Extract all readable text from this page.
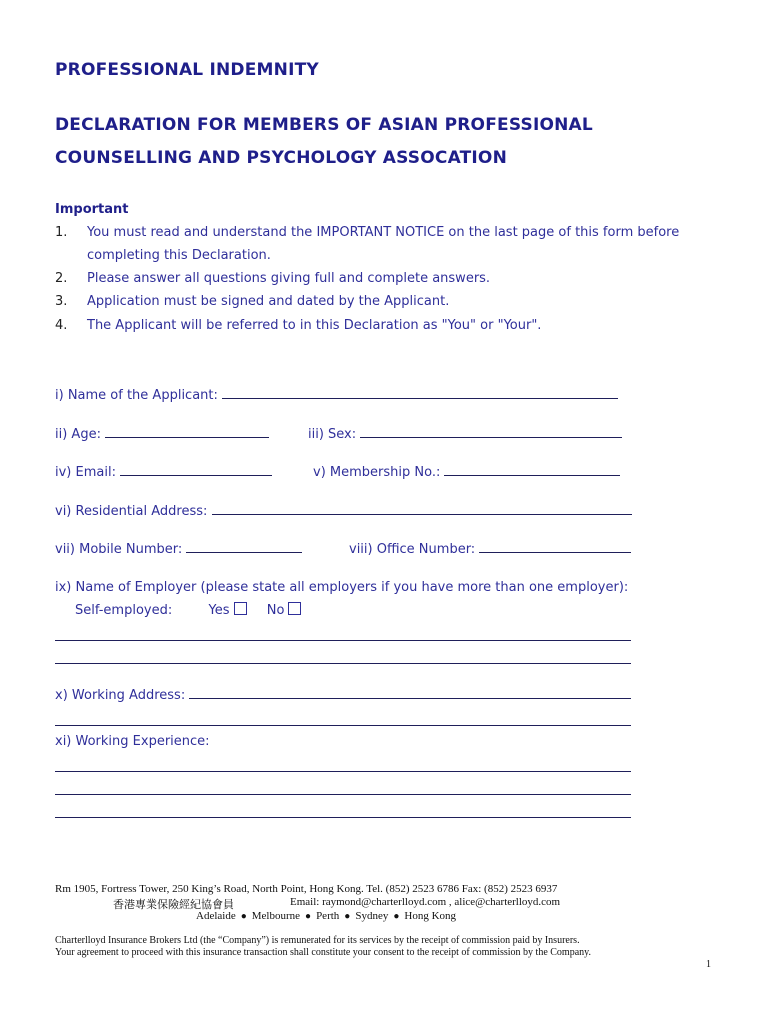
PROFESSIONAL INDEMNITY
DECLARATION FOR MEMBERS OF ASIAN PROFESSIONAL
COUNSELLING AND PSYCHOLOGY ASSOCATION
Important
1. You must read and understand the IMPORTANT NOTICE on the last page of this form before
completing this Declaration.
2. Please answer all questions giving full and complete answers.
3. Application must be signed and dated by the Applicant.
4. The Applicant will be referred to in this Declaration as "You" or "Your".
i) Name of the Applicant:
ii) Age:	iii) Sex:
iv) Email:	v) Membership No.:
vi) Residential Address:
vii) Mobile Number:	viii) Office Number:
ix) Name of Employer (please state all employers if you have more than one employer):
Self-employed:	Yes	No
x) Working Address:
xi) Working Experience:
Rm 1905, Fortress Tower, 250 King’s Road, North Point, Hong Kong. Tel. (852) 2523 6786 Fax: (852) 2523 6937
香港專業保險經紀協會員	Email: raymond@charterlloyd.com , alice@charterlloyd.com
Adelaide ● Melbourne ● Perth ● Sydney ● Hong Kong
Charterlloyd Insurance Brokers Ltd (the “Company”) is remunerated for its services by the receipt of commission paid by Insurers.
Your agreement to proceed with this insurance transaction shall constitute your consent to the receipt of commission by the Company.
1
